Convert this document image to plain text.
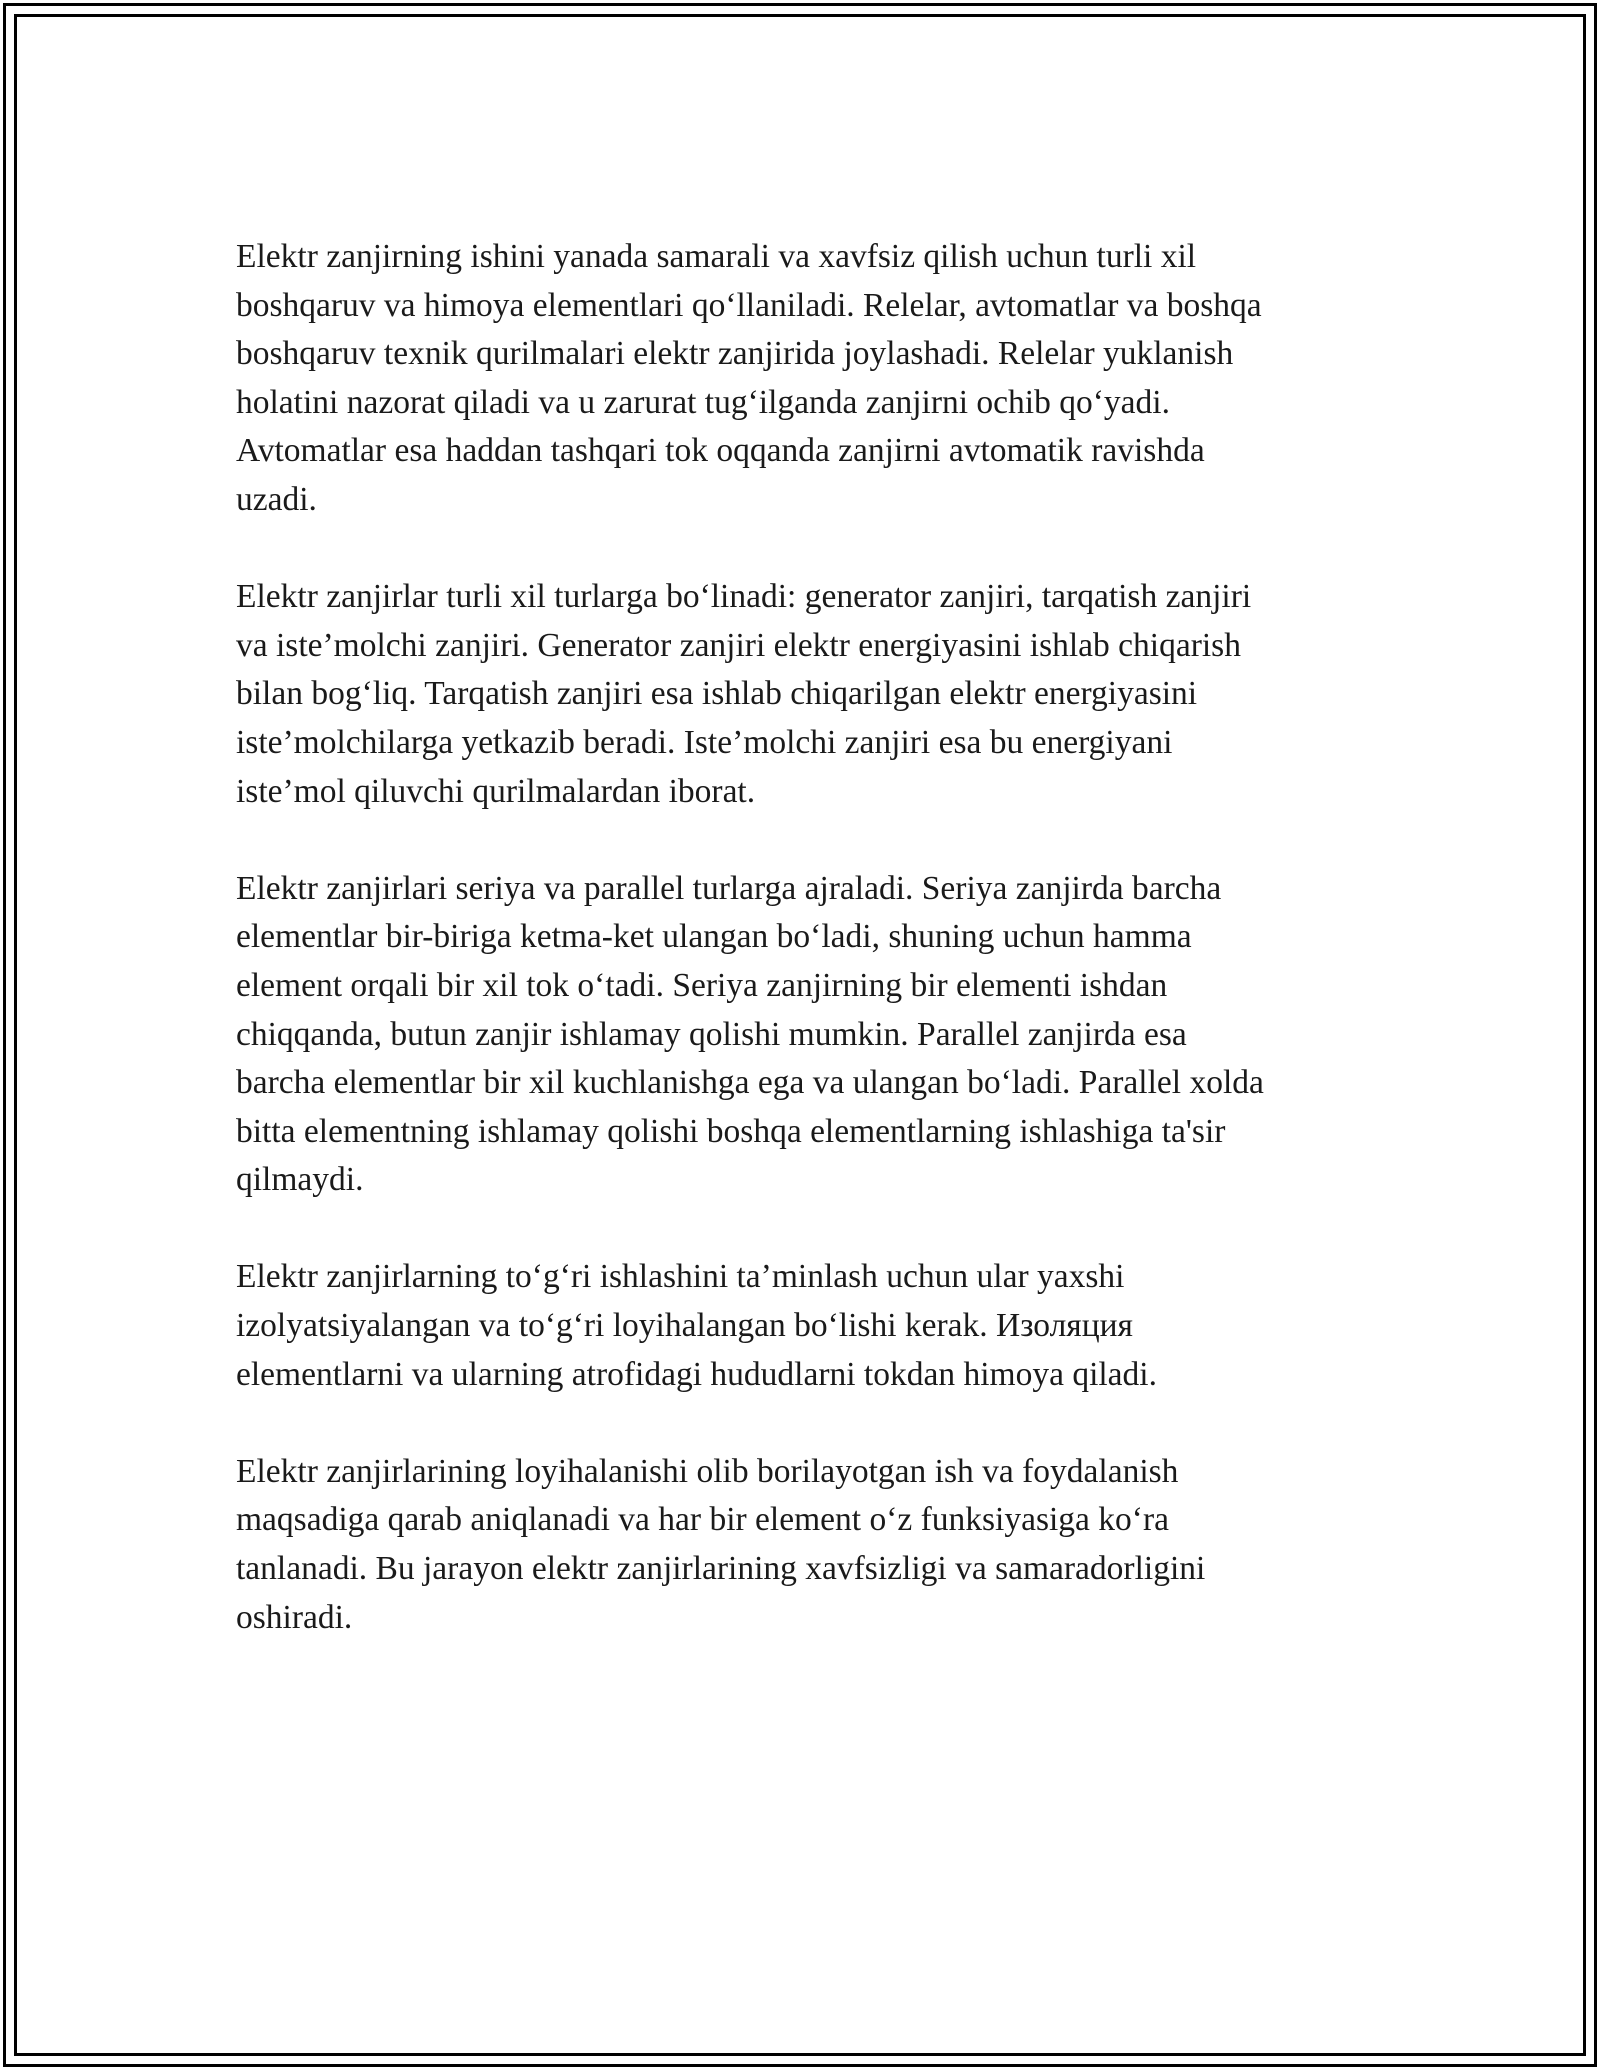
Elektr zanjirning ishini yanada samarali va xavfsiz qilish uchun turli xil
boshqaruv va himoya elementlari qo‘llaniladi. Relelar, avtomatlar va boshqa
boshqaruv texnik qurilmalari elektr zanjirida joylashadi. Relelar yuklanish
holatini nazorat qiladi va u zarurat tug‘ilganda zanjirni ochib qo‘yadi.
Avtomatlar esa haddan tashqari tok oqqanda zanjirni avtomatik ravishda
uzadi.

Elektr zanjirlar turli xil turlarga bo‘linadi: generator zanjiri, tarqatish zanjiri
va iste’molchi zanjiri. Generator zanjiri elektr energiyasini ishlab chiqarish
bilan bog‘liq. Tarqatish zanjiri esa ishlab chiqarilgan elektr energiyasini
iste’molchilarga yetkazib beradi. Iste’molchi zanjiri esa bu energiyani
iste’mol qiluvchi qurilmalardan iborat.

Elektr zanjirlari seriya va parallel turlarga ajraladi. Seriya zanjirda barcha
elementlar bir-biriga ketma-ket ulangan bo‘ladi, shuning uchun hamma
element orqali bir xil tok o‘tadi. Seriya zanjirning bir elementi ishdan
chiqqanda, butun zanjir ishlamay qolishi mumkin. Parallel zanjirda esa
barcha elementlar bir xil kuchlanishga ega va ulangan bo‘ladi. Parallel xolda
bitta elementning ishlamay qolishi boshqa elementlarning ishlashiga ta'sir
qilmaydi.

Elektr zanjirlarning to‘g‘ri ishlashini ta’minlash uchun ular yaxshi
izolyatsiyalangan va to‘g‘ri loyihalangan bo‘lishi kerak. Изоляция
elementlarni va ularning atrofidagi hududlarni tokdan himoya qiladi.

Elektr zanjirlarining loyihalanishi olib borilayotgan ish va foydalanish
maqsadiga qarab aniqlanadi va har bir element o‘z funksiyasiga ko‘ra
tanlanadi. Bu jarayon elektr zanjirlarining xavfsizligi va samaradorligini
oshiradi.
